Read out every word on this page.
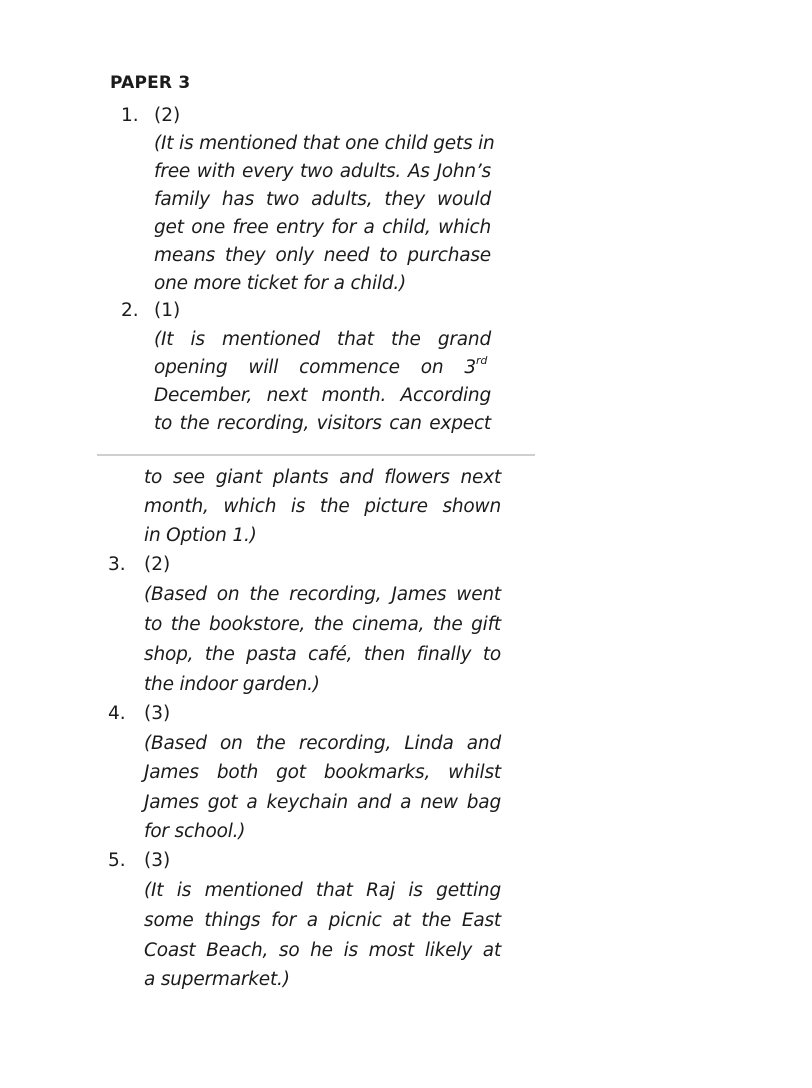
PAPER 3
1. (2)
(It is mentioned that one child gets in
free with every two adults. As John’s
family has two adults, they would
get one free entry for a child, which
means they only need to purchase
one more ticket for a child.)
2. (1)
(It is mentioned that the grand
opening will commence on 3rd
December, next month. According
to the recording, visitors can expect
to see giant plants and flowers next
month, which is the picture shown
in Option 1.)
3. (2)
(Based on the recording, James went
to the bookstore, the cinema, the gift
shop, the pasta café, then finally to
the indoor garden.)
4. (3)
(Based on the recording, Linda and
James both got bookmarks, whilst
James got a keychain and a new bag
for school.)
5. (3)
(It is mentioned that Raj is getting
some things for a picnic at the East
Coast Beach, so he is most likely at
a supermarket.)
